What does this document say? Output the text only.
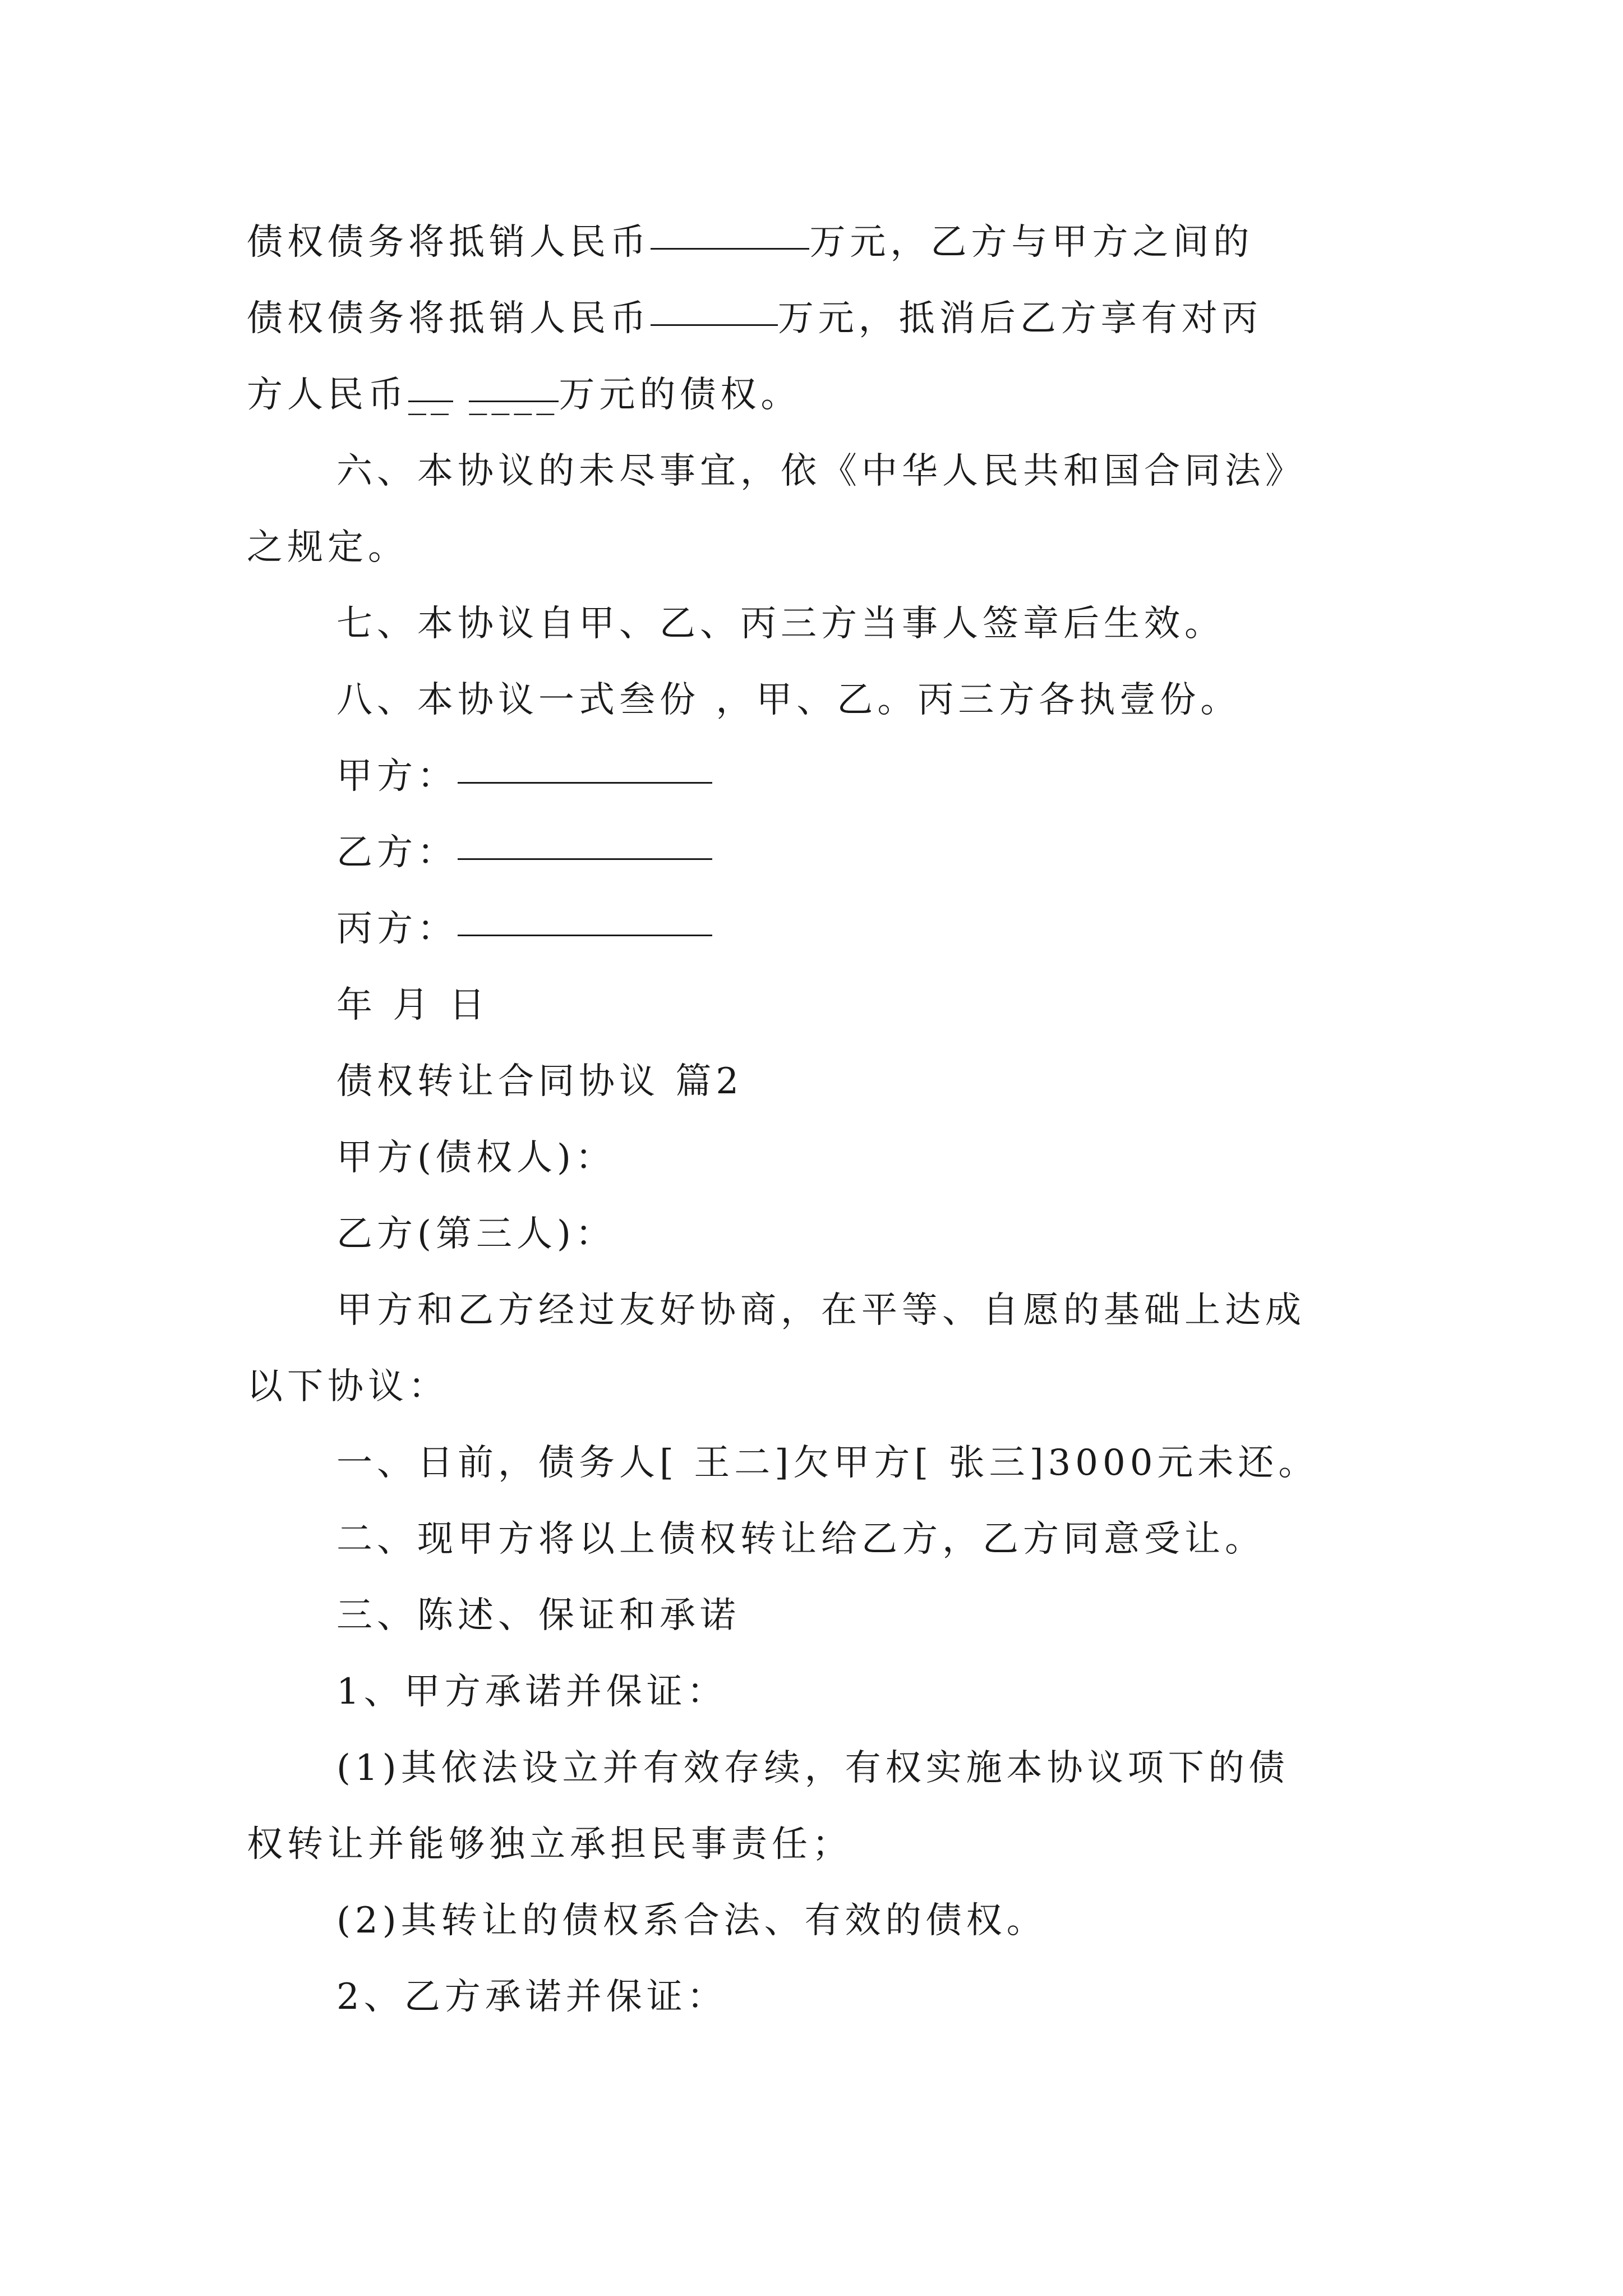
债权债务将抵销人民币	万元，乙方与甲方之间的
债权债务将抵销人民币	万元，抵消后乙方享有对丙
方人民币__ ____万元的债权。
六、本协议的未尽事宜，依《中华人民共和国合同法》
之规定。
七、本协议自甲、乙、丙三方当事人签章后生效。
八、本协议一式叁份 ，甲、乙。丙三方各执壹份。
甲方：
乙方：
丙方：
年 月 日
债权转让合同协议 篇2
甲方(债权人)：
乙方(第三人)：
甲方和乙方经过友好协商，在平等、自愿的基础上达成
以下协议：
一、日前，债务人[ 王二]欠甲方[ 张三]3000元未还。
二、现甲方将以上债权转让给乙方，乙方同意受让。
三、陈述、保证和承诺
1、甲方承诺并保证：
(1)其依法设立并有效存续，有权实施本协议项下的债
权转让并能够独立承担民事责任；
(2)其转让的债权系合法、有效的债权。
2、乙方承诺并保证：
